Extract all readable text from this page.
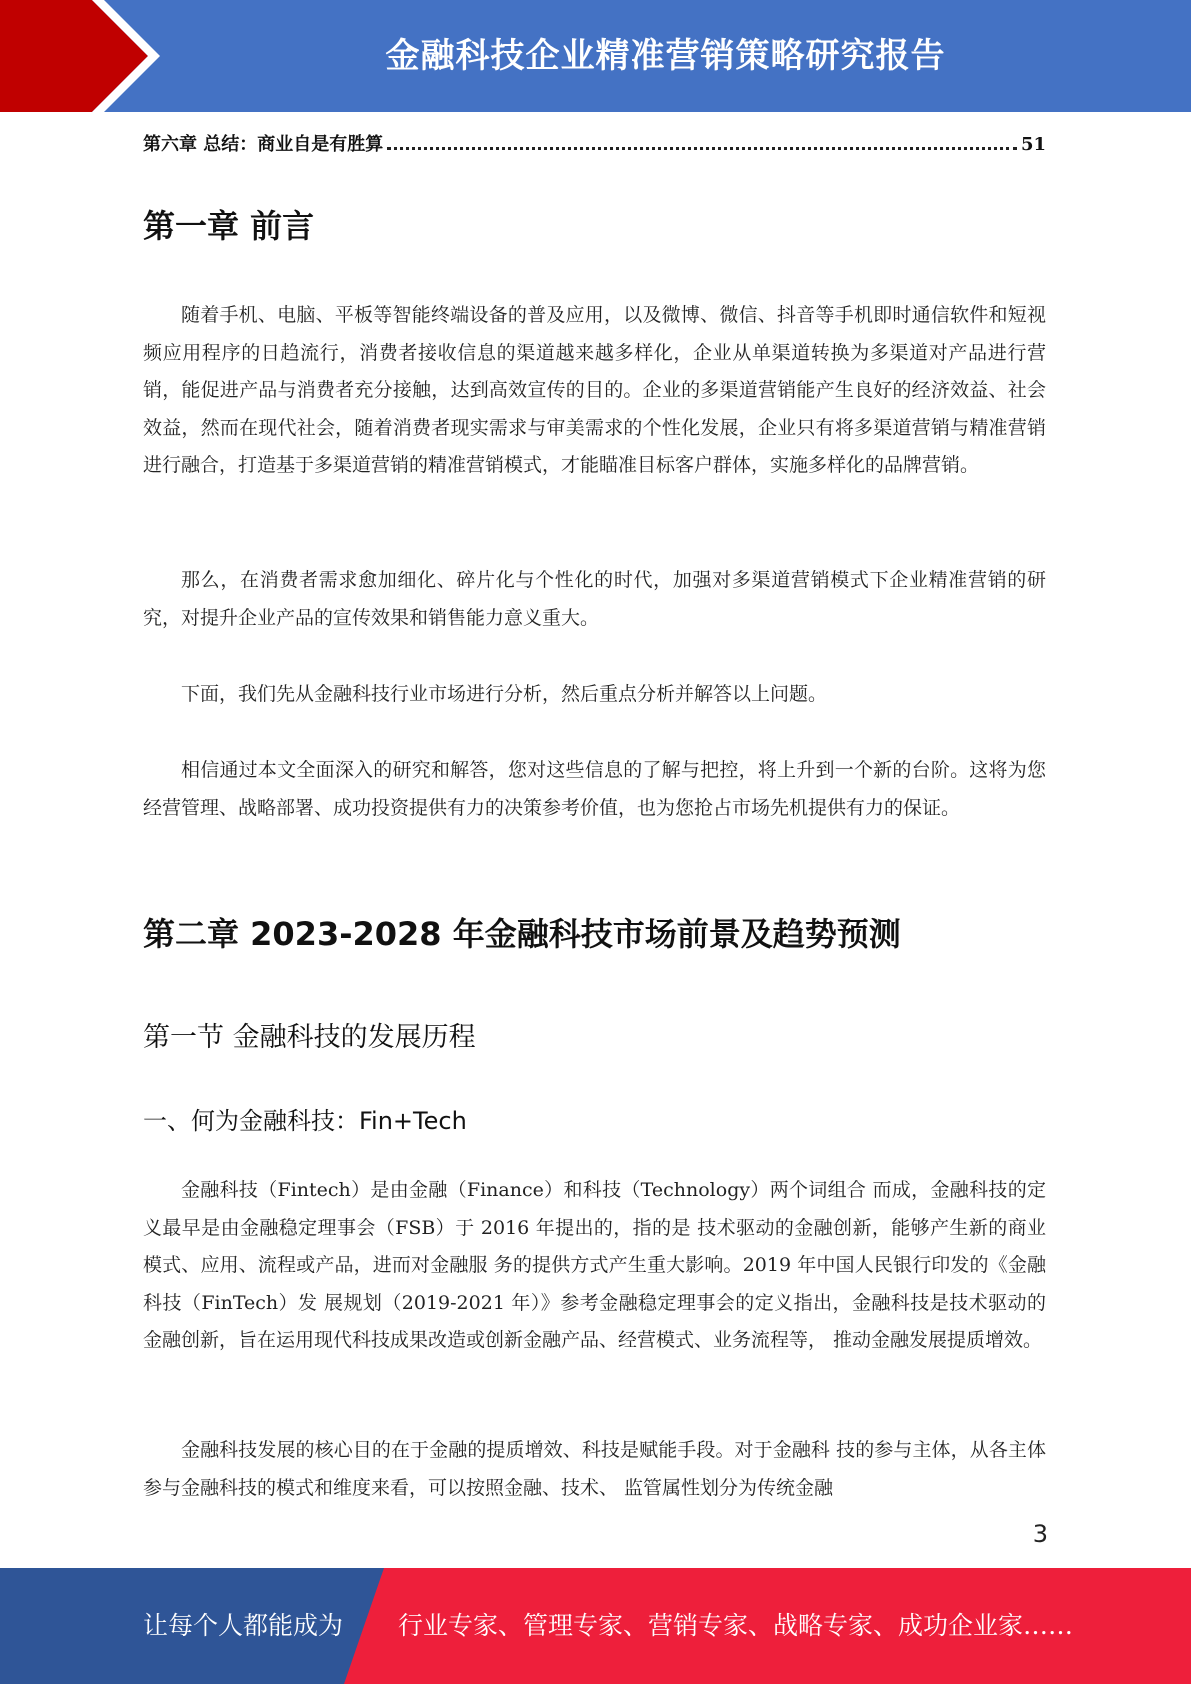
金融科技企业精准营销策略研究报告
第六章 总结：商业自是有胜算	51
第一章 前言

随着手机、电脑、平板等智能终端设备的普及应用，以及微博、微信、抖音等手机即时通信软件和短视频应用程序的日趋流行，消费者接收信息的渠道越来越多样化，企业从单渠道转换为多渠道对产品进行营销，能促进产品与消费者充分接触，达到高效宣传的目的。企业的多渠道营销能产生良好的经济效益、社会效益，然而在现代社会，随着消费者现实需求与审美需求的个性化发展，企业只有将多渠道营销与精准营销进行融合，打造基于多渠道营销的精准营销模式，才能瞄准目标客户群体，实施多样化的品牌营销。

那么，在消费者需求愈加细化、碎片化与个性化的时代，加强对多渠道营销模式下企业精准营销的研究，对提升企业产品的宣传效果和销售能力意义重大。

下面，我们先从金融科技行业市场进行分析，然后重点分析并解答以上问题。

相信通过本文全面深入的研究和解答，您对这些信息的了解与把控，将上升到一个新的台阶。这将为您经营管理、战略部署、成功投资提供有力的决策参考价值，也为您抢占市场先机提供有力的保证。

第二章 2023-2028 年金融科技市场前景及趋势预测
第一节 金融科技的发展历程
一、何为金融科技：Fin+Tech

金融科技（Fintech）是由金融（Finance）和科技（Technology）两个词组合 而成，金融科技的定义最早是由金融稳定理事会（FSB）于 2016 年提出的，指的是 技术驱动的金融创新，能够产生新的商业模式、应用、流程或产品，进而对金融服 务的提供方式产生重大影响。2019 年中国人民银行印发的《金融科技（FinTech）发 展规划（2019-2021 年）》参考金融稳定理事会的定义指出，金融科技是技术驱动的 金融创新，旨在运用现代科技成果改造或创新金融产品、经营模式、业务流程等， 推动金融发展提质增效。

金融科技发展的核心目的在于金融的提质增效、科技是赋能手段。对于金融科 技的参与主体，从各主体参与金融科技的模式和维度来看，可以按照金融、技术、 监管属性划分为传统金融

3
让每个人都能成为 行业专家、管理专家、营销专家、战略专家、成功企业家……
